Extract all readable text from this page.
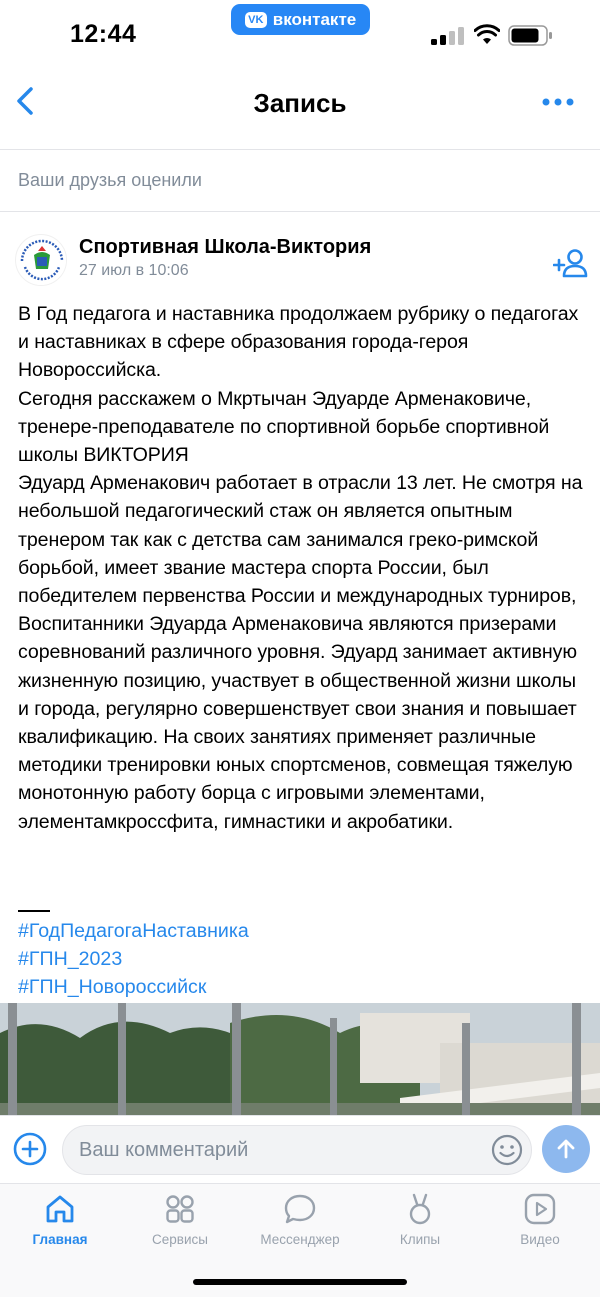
12:44
VK вконтакте
Запись
Ваши друзья оценили
Спортивная Школа-Виктория
27 июл в 10:06
В Год педагога и наставника продолжаем рубрику о педагогах и наставниках в сфере образования города-героя Новороссийска.
Сегодня расскажем о Мкртычан Эдуарде Арменаковиче, тренере-преподавателе по спортивной борьбе спортивной школы ВИКТОРИЯ
Эдуард Арменакович работает в отрасли 13 лет. Не смотря на небольшой педагогический стаж он является опытным тренером так как с детства сам занимался греко-римской борьбой, имеет звание мастера спорта России, был победителем первенства России и международных турниров, Воспитанники Эдуарда Арменаковича являются призерами соревнований различного уровня. Эдуард занимает активную жизненную позицию, участвует в общественной жизни школы и города, регулярно совершенствует свои знания и повышает квалификацию. На своих занятиях применяет различные методики тренировки юных спортсменов, совмещая тяжелую монотонную работу борца с игровыми элементами, элементамкроссфита, гимнастики и акробатики.
#ГодПедагогаНаставника
#ГПН_2023
#ГПН_Новороссийск
Ваш комментарий
Главная	Сервисы	Мессенджер	Клипы	Видео
